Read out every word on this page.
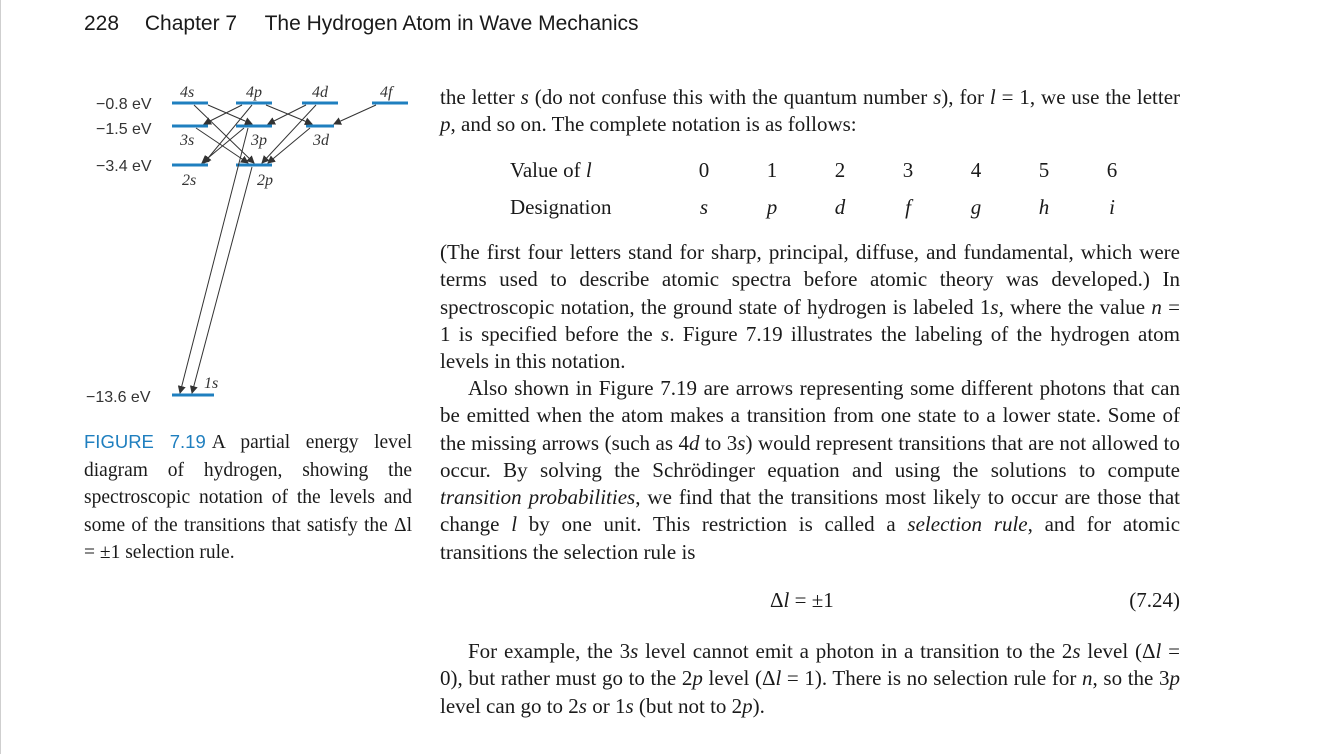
228 Chapter 7 The Hydrogen Atom in Wave Mechanics
−0.8 eV
−1.5 eV
−3.4 eV
−13.6 eV
4s	4p	4d	4f
3s	3p	3d
2s	2p
1s
FIGURE 7.19 A partial energy level diagram of hydrogen, showing the spectroscopic notation of the levels and some of the transitions that satisfy the Δl = ±1 selection rule.

the letter s (do not confuse this with the quantum number s), for l = 1, we use the letter p, and so on. The complete notation is as follows:

Value of l	0	1	2	3	4	5	6
Designation	s	p	d	f	g	h	i

(The first four letters stand for sharp, principal, diffuse, and fundamental, which were terms used to describe atomic spectra before atomic theory was developed.) In spectroscopic notation, the ground state of hydrogen is labeled 1s, where the value n = 1 is specified before the s. Figure 7.19 illustrates the labeling of the hydrogen atom levels in this notation.

Also shown in Figure 7.19 are arrows representing some different photons that can be emitted when the atom makes a transition from one state to a lower state. Some of the missing arrows (such as 4d to 3s) would represent transitions that are not allowed to occur. By solving the Schrödinger equation and using the solutions to compute transition probabilities, we find that the transitions most likely to occur are those that change l by one unit. This restriction is called a selection rule, and for atomic transitions the selection rule is

Δl = ±1	(7.24)

For example, the 3s level cannot emit a photon in a transition to the 2s level (Δl = 0), but rather must go to the 2p level (Δl = 1). There is no selection rule for n, so the 3p level can go to 2s or 1s (but not to 2p).
